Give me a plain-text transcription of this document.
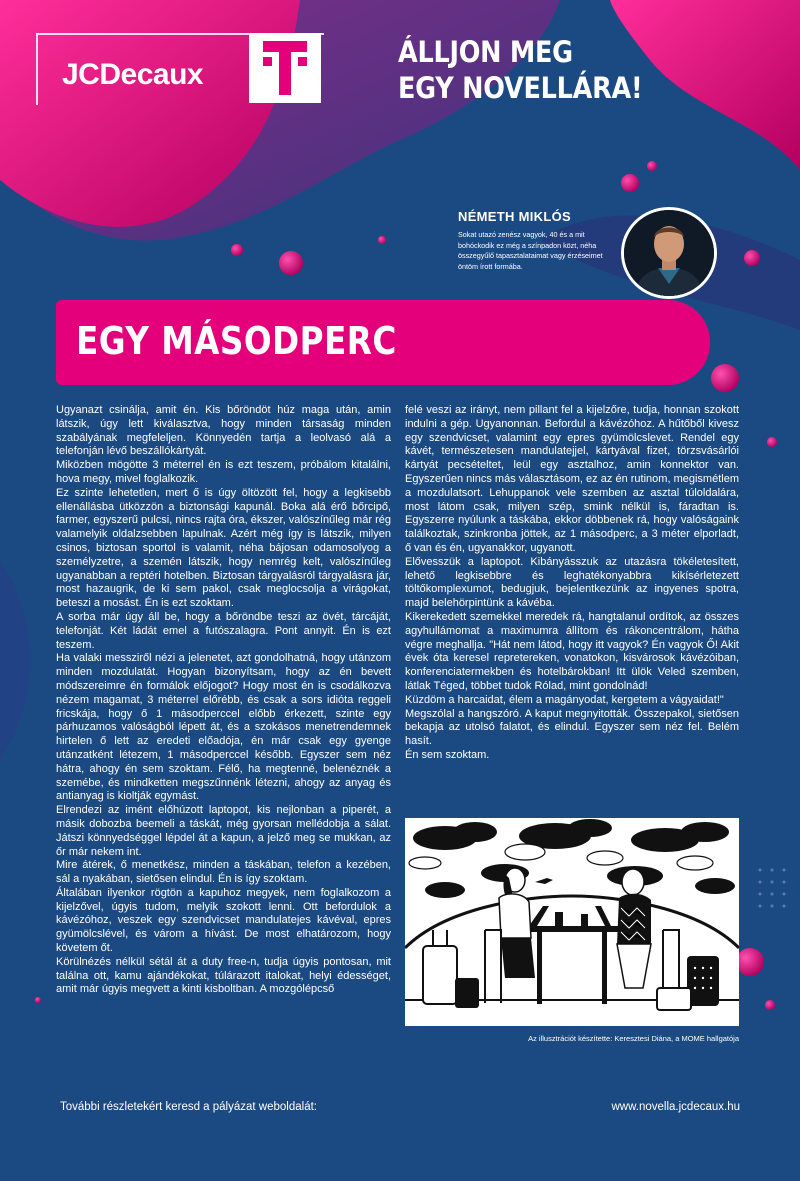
JCDecaux
ÁLLJON MEG
EGY NOVELLÁRA!
NÉMETH MIKLÓS
Sokat utazó zenész vagyok, 40 és a mit bohóckodik ez még a színpadon közt, néha összegyűlő tapasztalataimat vagy érzéseimet öntöm írott formába.
EGY MÁSODPERC

Ugyanazt csinálja, amit én. Kis bőröndöt húz maga után, amin látszik, úgy lett kiválasztva, hogy minden társaság minden szabályának megfeleljen. Könnyedén tartja a leolvasó alá a telefonján lévő beszállókártyát.

Miközben mögötte 3 méterrel én is ezt teszem, próbálom kitalálni, hova megy, mivel foglalkozik.

Ez szinte lehetetlen, mert ő is úgy öltözött fel, hogy a legkisebb ellenállásba ütközzön a biztonsági kapunál. Boka alá érő bőrcipő, farmer, egyszerű pulcsi, nincs rajta óra, ékszer, valószínűleg már rég valamelyik oldalzsebben lapulnak. Azért még így is látszik, milyen csinos, biztosan sportol is valamit, néha bájosan odamosolyog a személyzetre, a szemén látszik, hogy nemrég kelt, valószínűleg ugyanabban a reptéri hotelben. Biztosan tárgyalásról tárgyalásra jár, most hazaugrik, de ki sem pakol, csak meglocsolja a virágokat, beteszi a mosást. Én is ezt szoktam.

A sorba már úgy áll be, hogy a bőröndbe teszi az övét, tárcáját, telefonját. Két ládát emel a futószalagra. Pont annyit. Én is ezt teszem.

Ha valaki messziről nézi a jelenetet, azt gondolhatná, hogy utánzom minden mozdulatát. Hogyan bizonyítsam, hogy az én bevett módszereimre én formálok előjogot? Hogy most én is csodálkozva nézem magamat, 3 méterrel előrébb, és csak a sors idióta reggeli fricskája, hogy ő 1 másodperccel előbb érkezett, szinte egy párhuzamos valóságból lépett át, és a szokásos menetrendemnek hirtelen ő lett az eredeti előadója, én már csak egy gyenge utánzatként létezem, 1 másodperccel később. Egyszer sem néz hátra, ahogy én sem szoktam. Félő, ha megtenné, belenéznék a szemébe, és mindketten megszűnnénk létezni, ahogy az anyag és antianyag is kioltják egymást.

Elrendezi az imént előhúzott laptopot, kis nejlonban a piperét, a másik dobozba beemeli a táskát, még gyorsan mellédobja a sálat. Játszi könnyedséggel lépdel át a kapun, a jelző meg se mukkan, az őr már nekem int.

Mire átérek, ő menetkész, minden a táskában, telefon a kezében, sál a nyakában, sietősen elindul. Én is így szoktam.

Általában ilyenkor rögtön a kapuhoz megyek, nem foglalkozom a kijelzővel, úgyis tudom, melyik szokott lenni. Ott befordulok a kávézóhoz, veszek egy szendvicset mandulatejes kávéval, epres gyümölcslével, és várom a hívást. De most elhatározom, hogy követem őt.

Körülnézés nélkül sétál át a duty free-n, tudja úgyis pontosan, mit találna ott, kamu ajándékokat, túlárazott italokat, helyi édességet, amit már úgyis megvett a kinti kisboltban. A mozgólépcső

felé veszi az irányt, nem pillant fel a kijelzőre, tudja, honnan szokott indulni a gép. Ugyanonnan. Befordul a kávézóhoz. A hűtőből kivesz egy szendvicset, valamint egy epres gyümölcslevet. Rendel egy kávét, természetesen mandulatejjel, kártyával fizet, törzsvásárlói kártyát pecsételtet, leül egy asztalhoz, amin konnektor van. Egyszerűen nincs más választásom, ez az én rutinom, megismétlem a mozdulatsort. Lehuppanok vele szemben az asztal túloldalára, most látom csak, milyen szép, smink nélkül is, fáradtan is. Egyszerre nyúlunk a táskába, ekkor döbbenek rá, hogy valóságaink találkoztak, szinkronba jöttek, az 1 másodperc, a 3 méter elporladt, ő van és én, ugyanakkor, ugyanott.

Elővesszük a laptopot. Kibányásszuk az utazásra tökéletesített, lehető legkisebbre és leghatékonyabbra kikísérletezett töltőkomplexumot, bedugjuk, bejelentkezünk az ingyenes spotra, majd belehörpintünk a kávéba.

Kikerekedett szemekkel meredek rá, hangtalanul ordítok, az összes agyhullámomat a maximumra állítom és rákoncentrálom, hátha végre meghallja. "Hát nem látod, hogy itt vagyok? Én vagyok Ő! Akit évek óta keresel repretereken, vonatokon, kisvárosok kávézóiban, konferenciatermekben és hotelbárokban! Itt ülök Veled szemben, látlak Téged, többet tudok Rólad, mint gondolnád!

Küzdöm a harcaidat, élem a magányodat, kergetem a vágyaidat!"

Megszólal a hangszóró. A kaput megnyitották. Összepakol, sietősen bekapja az utolsó falatot, és elindul. Egyszer sem néz fel. Belém hasít.

Én sem szoktam.

Az illusztrációt készítette: Keresztesi Diána, a MOME hallgatója
További részletekért keresd a pályázat weboldalát:	www.novella.jcdecaux.hu
